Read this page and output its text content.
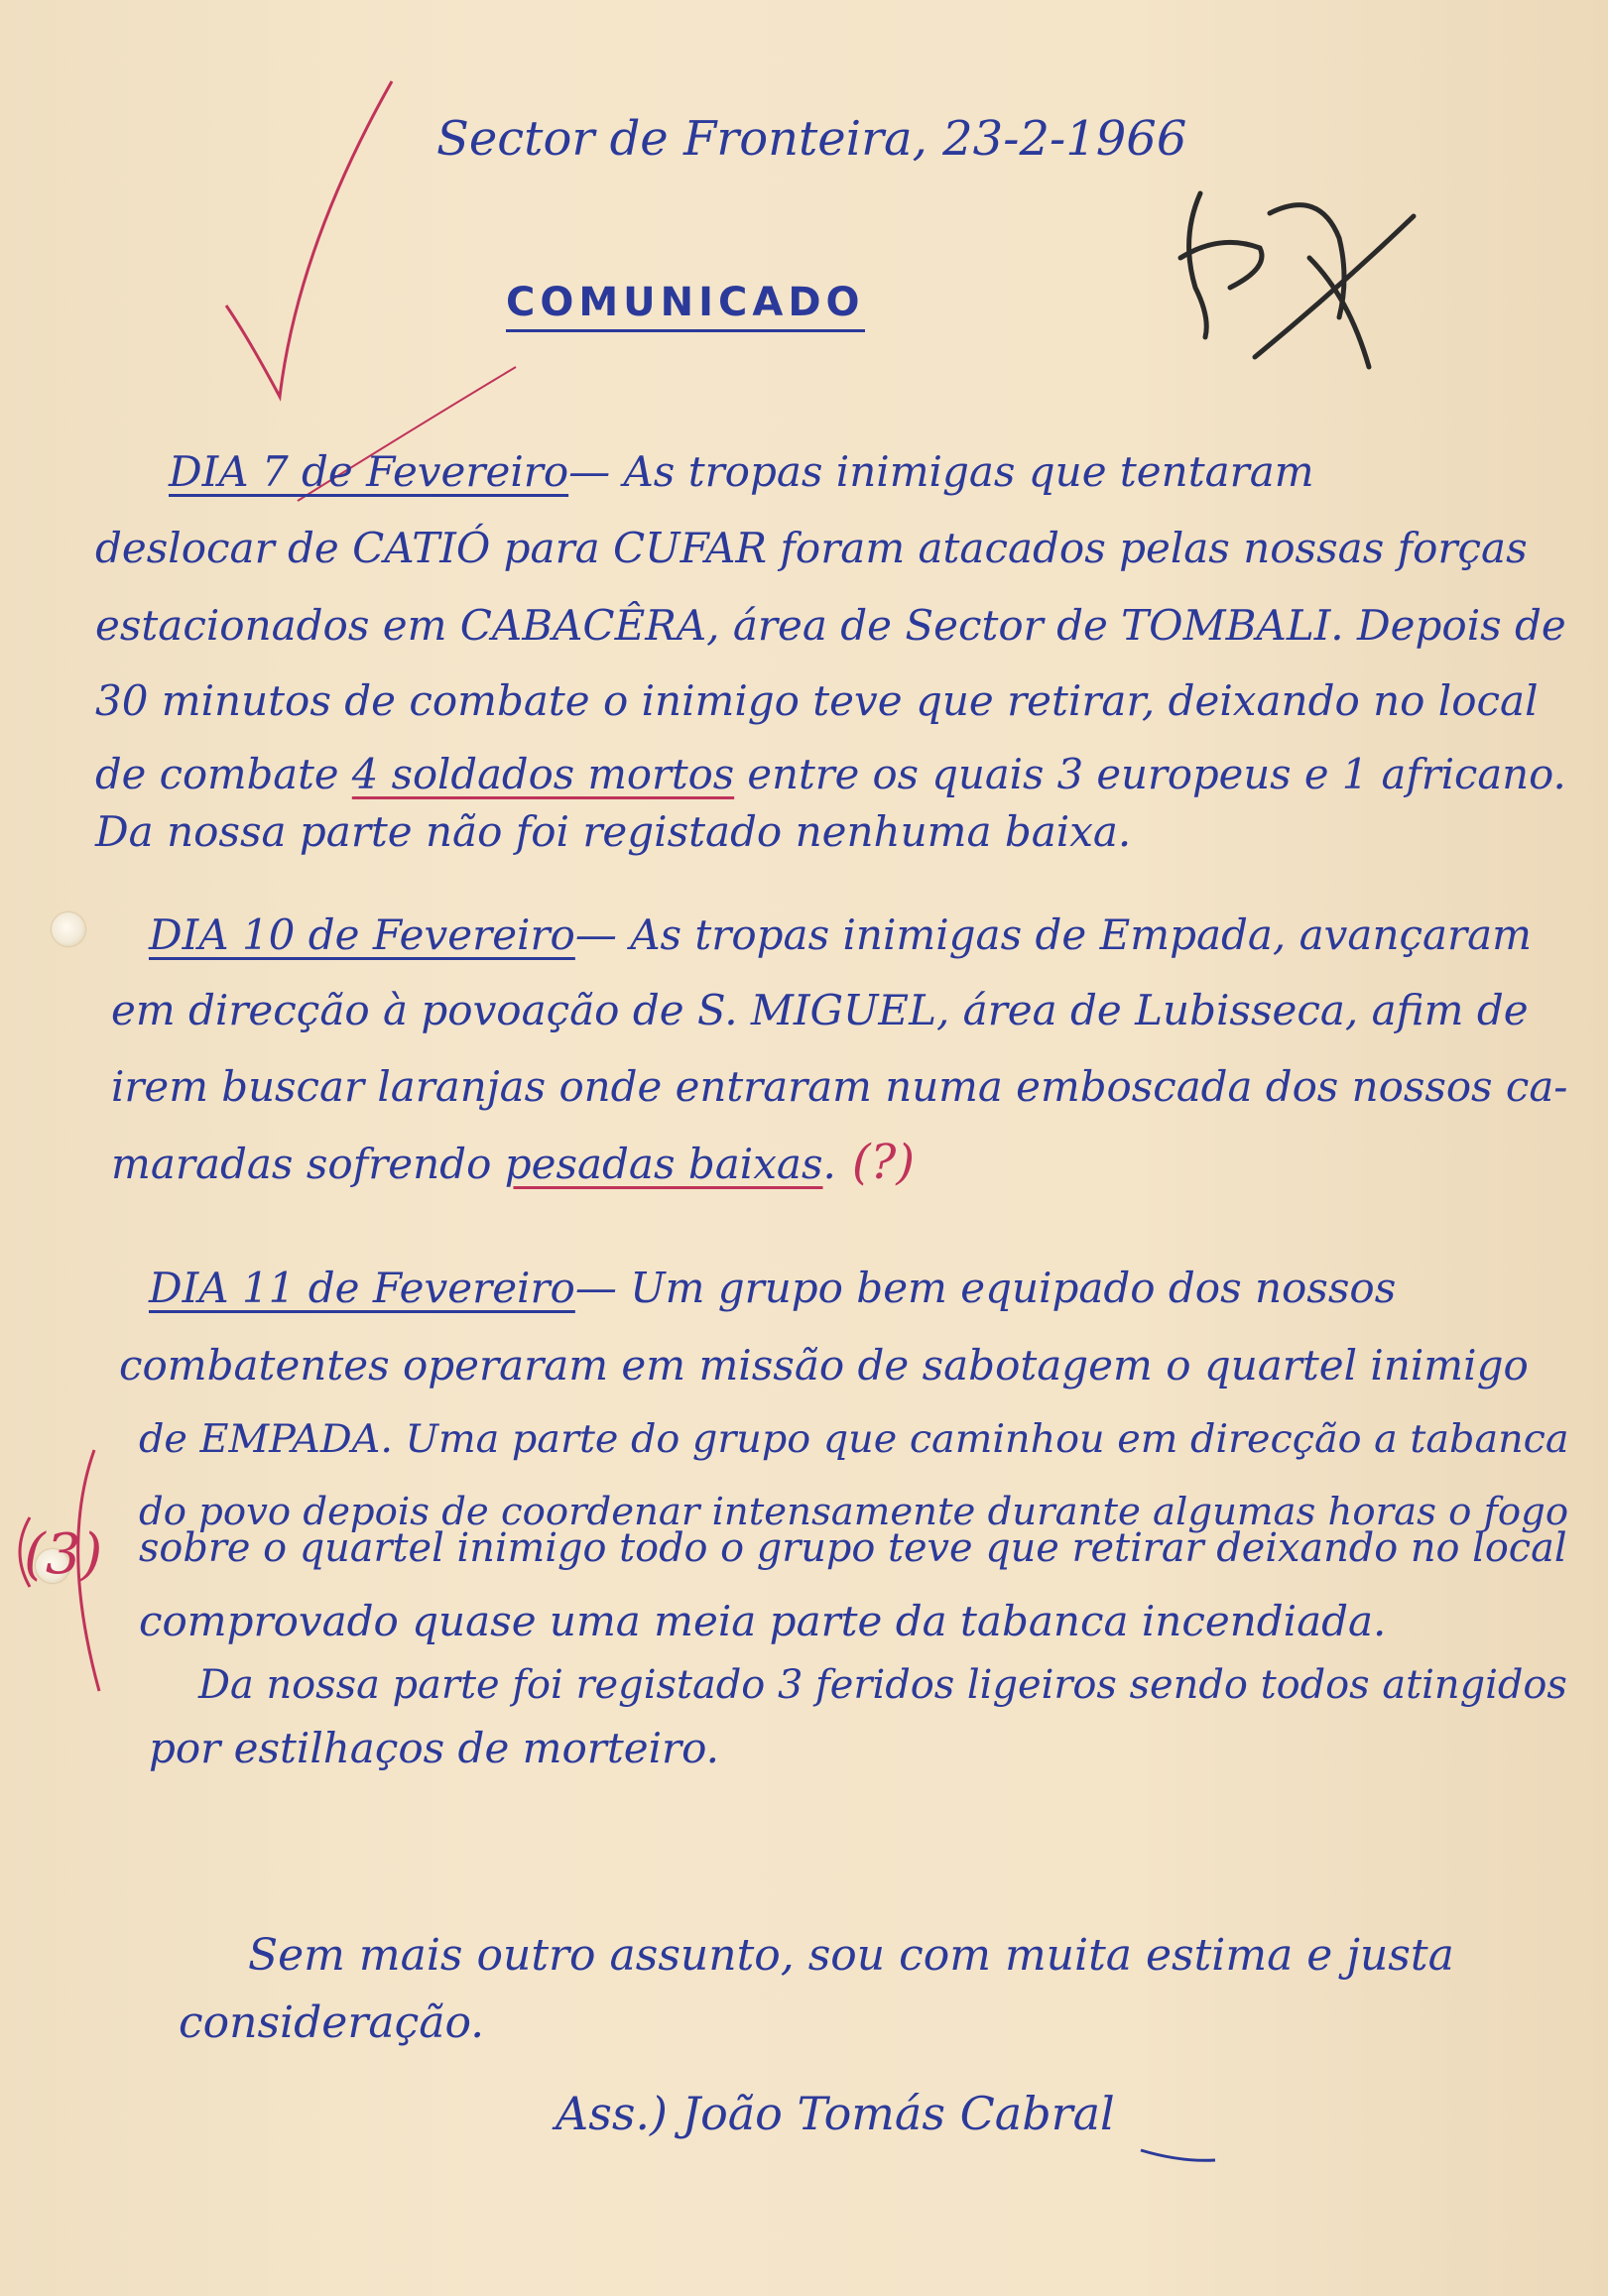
Sector de Fronteira, 23-2-1966
COMUNICADO
DIA 7 de Fevereiro— As tropas inimigas que tentaram
deslocar de CATIÓ para CUFAR foram atacados pelas nossas forças
estacionados em CABACÊRA, área de Sector de TOMBALI. Depois de
30 minutos de combate o inimigo teve que retirar, deixando no local
de combate 4 soldados mortos entre os quais 3 europeus e 1 africano.
Da nossa parte não foi registado nenhuma baixa.
DIA 10 de Fevereiro— As tropas inimigas de Empada, avançaram
em direcção à povoação de S. MIGUEL, área de Lubisseca, afim de
irem buscar laranjas onde entraram numa emboscada dos nossos ca-
maradas sofrendo pesadas baixas. (?)
DIA 11 de Fevereiro— Um grupo bem equipado dos nossos
combatentes operaram em missão de sabotagem o quartel inimigo
de EMPADA. Uma parte do grupo que caminhou em direcção a tabanca
do povo depois de coordenar intensamente durante algumas horas o fogo
sobre o quartel inimigo todo o grupo teve que retirar deixando no local
comprovado quase uma meia parte da tabanca incendiada.
Da nossa parte foi registado 3 feridos ligeiros sendo todos atingidos
por estilhaços de morteiro.
(3)
Sem mais outro assunto, sou com muita estima e justa
consideração.
Ass.) João Tomás Cabral
